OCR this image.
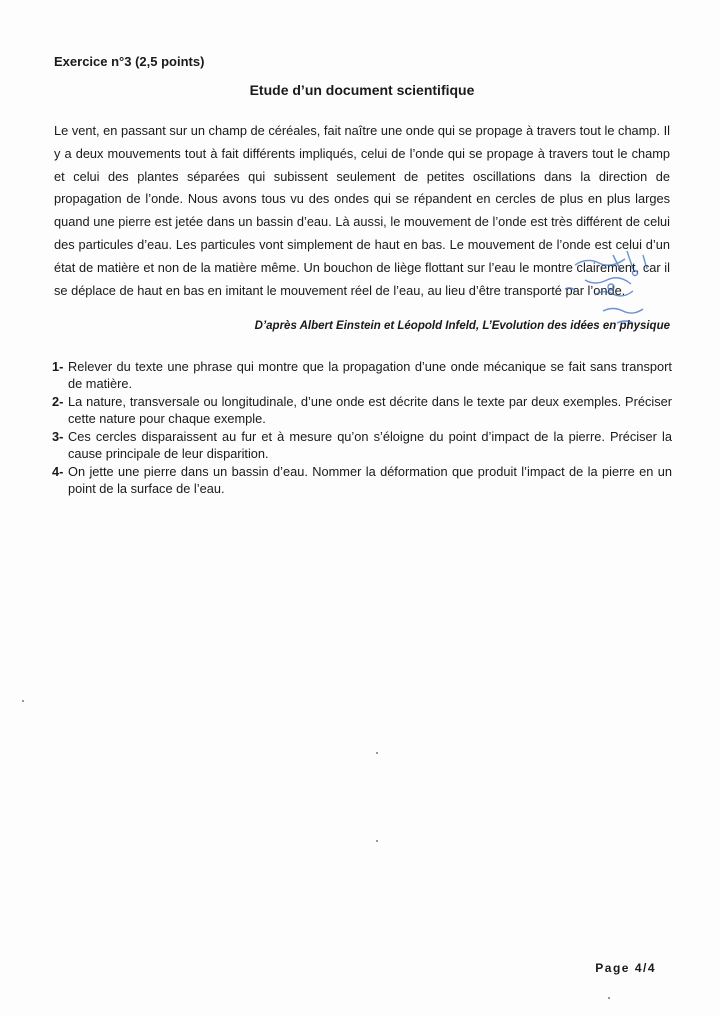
Exercice n°3 (2,5 points)
Etude d’un document scientifique

Le vent, en passant sur un champ de céréales, fait naître une onde qui se propage à travers tout le champ. Il y a deux mouvements tout à fait différents impliqués, celui de l’onde qui se propage à travers tout le champ et celui des plantes séparées qui subissent seulement de petites oscillations dans la direction de propagation de l’onde. Nous avons tous vu des ondes qui se répandent en cercles de plus en plus larges quand une pierre est jetée dans un bassin d’eau. Là aussi, le mouvement de l’onde est très différent de celui des particules d’eau. Les particules vont simplement de haut en bas. Le mouvement de l’onde est celui d’un état de matière et non de la matière même. Un bouchon de liège flottant sur l’eau le montre clairement, car il se déplace de haut en bas en imitant le mouvement réel de l’eau, au lieu d’être transporté par l’onde.

D’après Albert Einstein et Léopold Infeld, L’Evolution des idées en physique
1- Relever du texte une phrase qui montre que la propagation d’une onde mécanique se fait sans transport de matière.
2- La nature, transversale ou longitudinale, d’une onde est décrite dans le texte par deux exemples. Préciser cette nature pour chaque exemple.
3- Ces cercles disparaissent au fur et à mesure qu’on s’éloigne du point d’impact de la pierre. Préciser la cause principale de leur disparition.
4- On jette une pierre dans un bassin d’eau. Nommer la déformation que produit l’impact de la pierre en un point de la surface de l’eau.
Page 4/4
